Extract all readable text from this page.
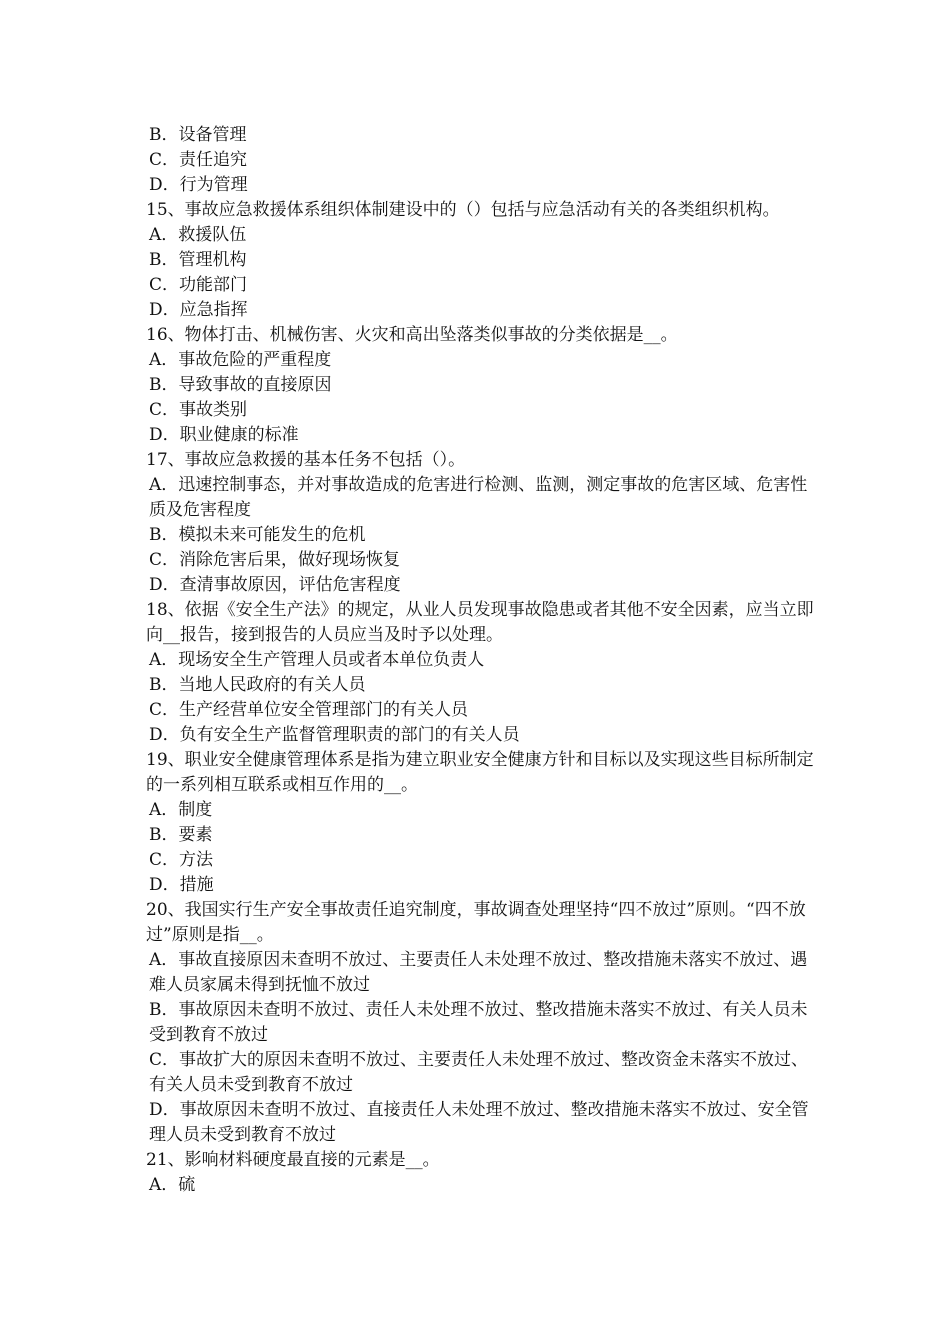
B．设备管理

C．责任追究

D．行为管理

15、事故应急救援体系组织体制建设中的（）包括与应急活动有关的各类组织机构。

A．救援队伍

B．管理机构

C．功能部门

D．应急指挥

16、物体打击、机械伤害、火灾和高出坠落类似事故的分类依据是__。

A．事故危险的严重程度

B．导致事故的直接原因

C．事故类别

D．职业健康的标准

17、事故应急救援的基本任务不包括（）。

A．迅速控制事态，并对事故造成的危害进行检测、监测，测定事故的危害区域、危害性质及危害程度

B．模拟未来可能发生的危机

C．消除危害后果，做好现场恢复

D．查清事故原因，评估危害程度

18、依据《安全生产法》的规定，从业人员发现事故隐患或者其他不安全因素，应当立即向__报告，接到报告的人员应当及时予以处理。

A．现场安全生产管理人员或者本单位负责人

B．当地人民政府的有关人员

C．生产经营单位安全管理部门的有关人员

D．负有安全生产监督管理职责的部门的有关人员

19、职业安全健康管理体系是指为建立职业安全健康方针和目标以及实现这些目标所制定的一系列相互联系或相互作用的__。

A．制度

B．要素

C．方法

D．措施

20、我国实行生产安全事故责任追究制度，事故调查处理坚持“四不放过”原则。“四不放过”原则是指__。

A．事故直接原因未查明不放过、主要责任人未处理不放过、整改措施未落实不放过、遇难人员家属未得到抚恤不放过

B．事故原因未查明不放过、责任人未处理不放过、整改措施未落实不放过、有关人员未受到教育不放过

C．事故扩大的原因未查明不放过、主要责任人未处理不放过、整改资金未落实不放过、有关人员未受到教育不放过

D．事故原因未查明不放过、直接责任人未处理不放过、整改措施未落实不放过、安全管理人员未受到教育不放过

21、影响材料硬度最直接的元素是__。

A．硫
